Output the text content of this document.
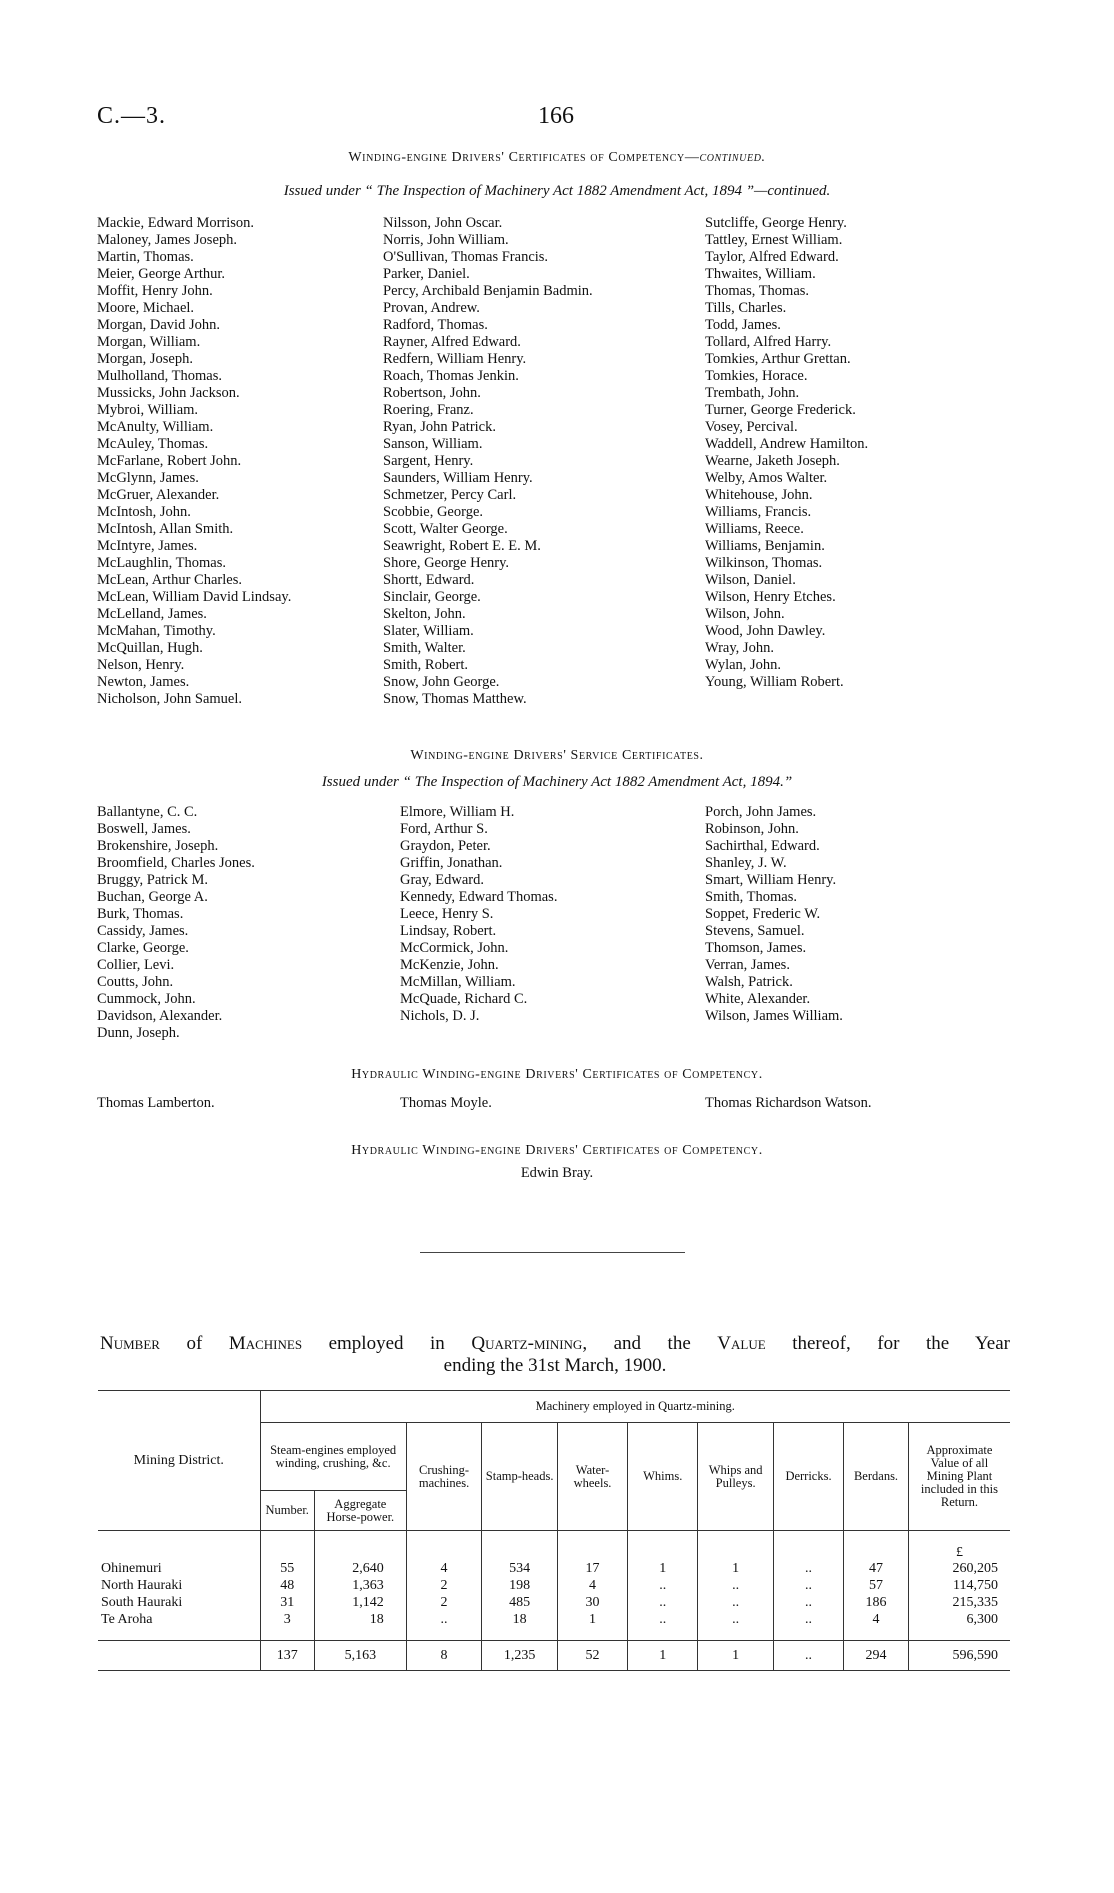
C.—3.	166
Winding-engine Drivers' Certificates of Competency—continued.
Issued under “ The Inspection of Machinery Act 1882 Amendment Act, 1894 ”—continued.
Mackie, Edward Morrison.
Maloney, James Joseph.
Martin, Thomas.
Meier, George Arthur.
Moffit, Henry John.
Moore, Michael.
Morgan, David John.
Morgan, William.
Morgan, Joseph.
Mulholland, Thomas.
Mussicks, John Jackson.
Mybroi, William.
McAnulty, William.
McAuley, Thomas.
McFarlane, Robert John.
McGlynn, James.
McGruer, Alexander.
McIntosh, John.
McIntosh, Allan Smith.
McIntyre, James.
McLaughlin, Thomas.
McLean, Arthur Charles.
McLean, William David Lindsay.
McLelland, James.
McMahan, Timothy.
McQuillan, Hugh.
Nelson, Henry.
Newton, James.
Nicholson, John Samuel.
Nilsson, John Oscar.
Norris, John William.
O'Sullivan, Thomas Francis.
Parker, Daniel.
Percy, Archibald Benjamin Badmin.
Provan, Andrew.
Radford, Thomas.
Rayner, Alfred Edward.
Redfern, William Henry.
Roach, Thomas Jenkin.
Robertson, John.
Roering, Franz.
Ryan, John Patrick.
Sanson, William.
Sargent, Henry.
Saunders, William Henry.
Schmetzer, Percy Carl.
Scobbie, George.
Scott, Walter George.
Seawright, Robert E. E. M.
Shore, George Henry.
Shortt, Edward.
Sinclair, George.
Skelton, John.
Slater, William.
Smith, Walter.
Smith, Robert.
Snow, John George.
Snow, Thomas Matthew.
Sutcliffe, George Henry.
Tattley, Ernest William.
Taylor, Alfred Edward.
Thwaites, William.
Thomas, Thomas.
Tills, Charles.
Todd, James.
Tollard, Alfred Harry.
Tomkies, Arthur Grettan.
Tomkies, Horace.
Trembath, John.
Turner, George Frederick.
Vosey, Percival.
Waddell, Andrew Hamilton.
Wearne, Jaketh Joseph.
Welby, Amos Walter.
Whitehouse, John.
Williams, Francis.
Williams, Reece.
Williams, Benjamin.
Wilkinson, Thomas.
Wilson, Daniel.
Wilson, Henry Etches.
Wilson, John.
Wood, John Dawley.
Wray, John.
Wylan, John.
Young, William Robert.
Winding-engine Drivers' Service Certificates.
Issued under “ The Inspection of Machinery Act 1882 Amendment Act, 1894.”
Ballantyne, C. C.
Boswell, James.
Brokenshire, Joseph.
Broomfield, Charles Jones.
Bruggy, Patrick M.
Buchan, George A.
Burk, Thomas.
Cassidy, James.
Clarke, George.
Collier, Levi.
Coutts, John.
Cummock, John.
Davidson, Alexander.
Dunn, Joseph.
Elmore, William H.
Ford, Arthur S.
Graydon, Peter.
Griffin, Jonathan.
Gray, Edward.
Kennedy, Edward Thomas.
Leece, Henry S.
Lindsay, Robert.
McCormick, John.
McKenzie, John.
McMillan, William.
McQuade, Richard C.
Nichols, D. J.
Porch, John James.
Robinson, John.
Sachirthal, Edward.
Shanley, J. W.
Smart, William Henry.
Smith, Thomas.
Soppet, Frederic W.
Stevens, Samuel.
Thomson, James.
Verran, James.
Walsh, Patrick.
White, Alexander.
Wilson, James William.
Hydraulic Winding-engine Drivers' Certificates of Competency.
Thomas Lamberton.	Thomas Moyle.	Thomas Richardson Watson.
Hydraulic Winding-engine Drivers' Certificates of Competency.
Edwin Bray.
Number of Machines employed in Quartz-mining, and the Value thereof, for the Year
ending the 31st March, 1900.
Mining District.	Machinery employed in Quartz-mining.									
	Steam-engines employed winding, crushing, &c.		Crushing-machines.	Stamp-heads.	Water-wheels.	Whims.	Whips and Pulleys.	Derricks.	Berdans.	Approximate Value of all Mining Plant included in this Return.
	Number.	Aggregate Horse-power.								
										£
Ohinemuri	55	2,640	4	534	17	1	1	..	47	260,205
North Hauraki	48	1,363	2	198	4	..	..	..	57	114,750
South Hauraki	31	1,142	2	485	30	..	..	..	186	215,335
Te Aroha	3	18	..	18	1	..	..	..	4	6,300

	137	5,163	8	1,235	52	1	1	..	294	596,590
